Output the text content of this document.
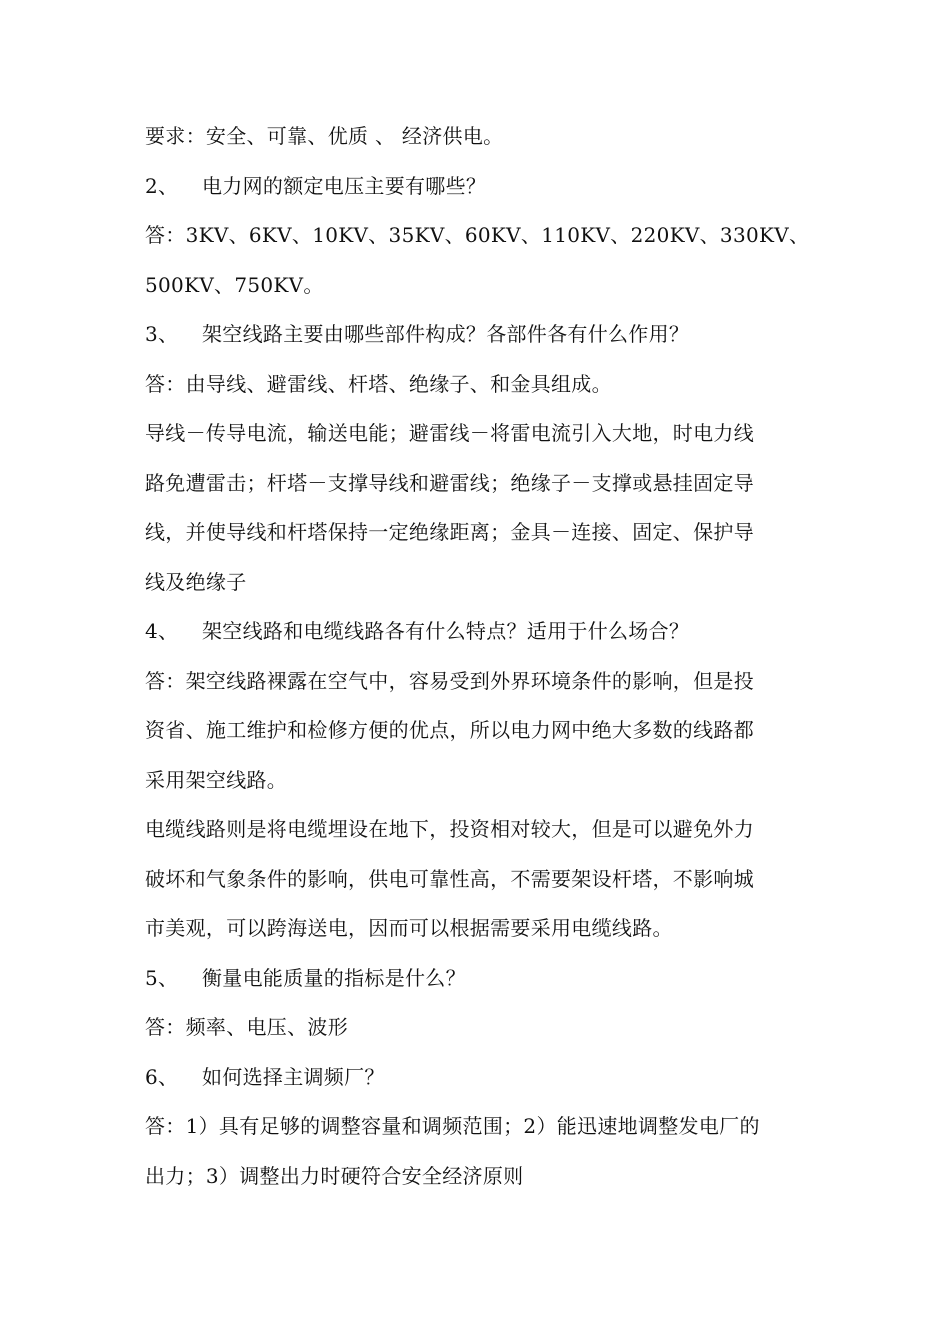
要求：安全、可靠、优质 、 经济供电。
2、 电力网的额定电压主要有哪些？
答：3KV、6KV、10KV、35KV、60KV、110KV、220KV、330KV、
500KV、750KV。
3、 架空线路主要由哪些部件构成？各部件各有什么作用？
答：由导线、避雷线、杆塔、绝缘子、和金具组成。
导线－传导电流，输送电能；避雷线－将雷电流引入大地，时电力线
路免遭雷击；杆塔－支撑导线和避雷线；绝缘子－支撑或悬挂固定导
线，并使导线和杆塔保持一定绝缘距离；金具－连接、固定、保护导
线及绝缘子
4、 架空线路和电缆线路各有什么特点？适用于什么场合？
答：架空线路裸露在空气中，容易受到外界环境条件的影响，但是投
资省、施工维护和检修方便的优点，所以电力网中绝大多数的线路都
采用架空线路。
电缆线路则是将电缆埋设在地下，投资相对较大，但是可以避免外力
破坏和气象条件的影响，供电可靠性高，不需要架设杆塔，不影响城
市美观，可以跨海送电，因而可以根据需要采用电缆线路。
5、 衡量电能质量的指标是什么？
答：频率、电压、波形
6、 如何选择主调频厂？
答：1）具有足够的调整容量和调频范围；2）能迅速地调整发电厂的
出力；3）调整出力时硬符合安全经济原则
